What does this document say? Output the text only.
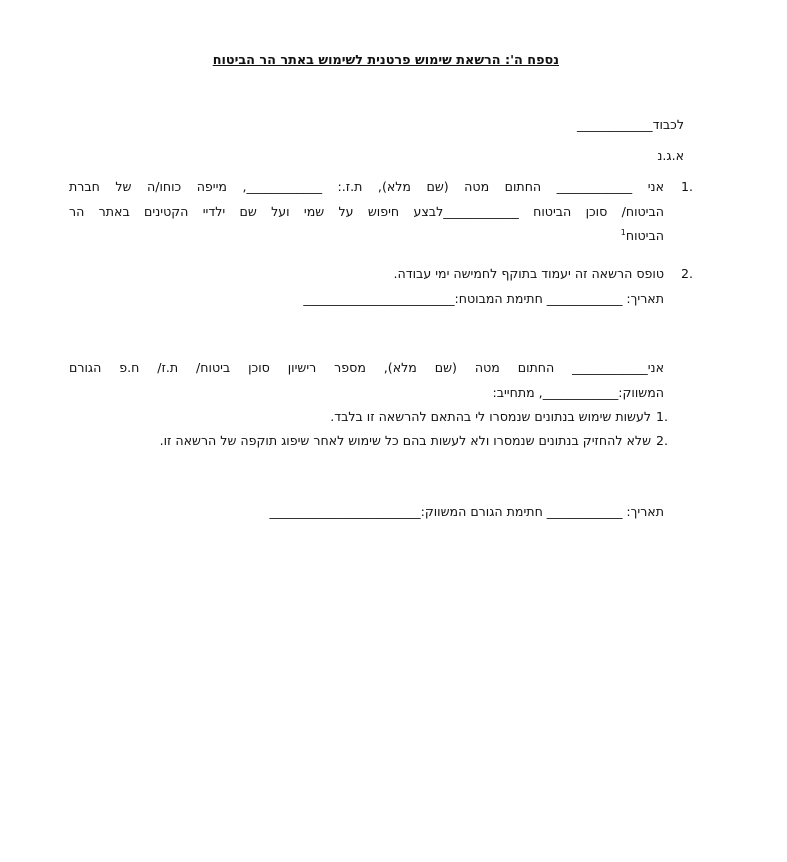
נספח ה': הרשאת שימוש פרטנית לשימוש באתר הר הביטוח
לכבוד____________
א.ג.נ
1.
אני ____________ החתום מטה (שם מלא), ת.ז.: ____________, מייפה כוחו/ה של חברת
הביטוח/ סוכן הביטוח ____________לבצע חיפוש על שמי ועל שם ילדיי הקטינים באתר הר
הביטוח$^1$
2.
טופס הרשאה זה יעמוד בתוקף לחמישה ימי עבודה.
תאריך: ____________ חתימת המבוטח:________________________
אני____________ החתום מטה (שם מלא), מספר רישיון סוכן ביטוח/ ת.ז/ ח.פ הגורם
המשווק:____________, מתחייב:
1.
לעשות שימוש בנתונים שנמסרו לי בהתאם להרשאה זו בלבד.
2.
שלא להחזיק בנתונים שנמסרו ולא לעשות בהם כל שימוש לאחר שיפוג תוקפה של הרשאה זו.
תאריך: ____________ חתימת הגורם המשווק:________________________
